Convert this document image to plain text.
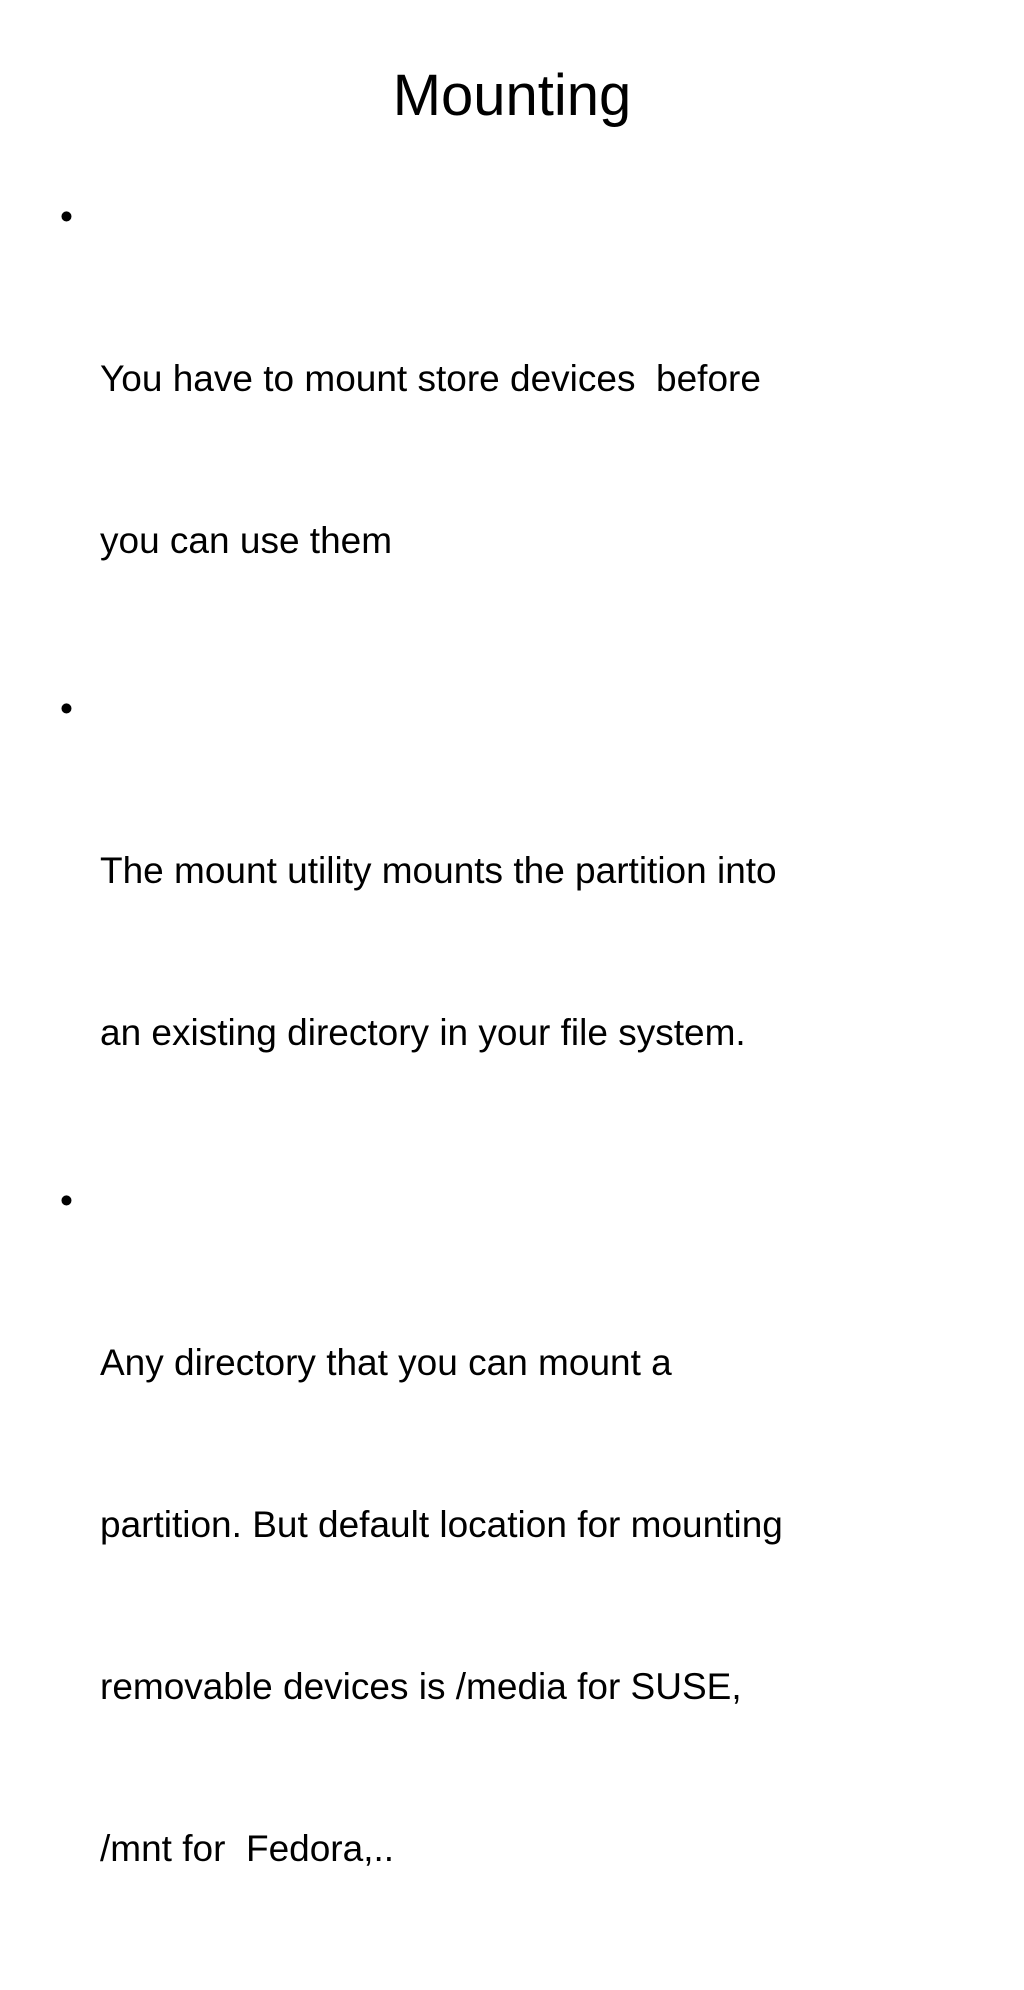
Mounting

•

You have to mount store devices  before

you can use them

•

The mount utility mounts the partition into

an existing directory in your file system.

•

Any directory that you can mount a

partition. But default location for mounting

removable devices is /media for SUSE,

/mnt for  Fedora,..
